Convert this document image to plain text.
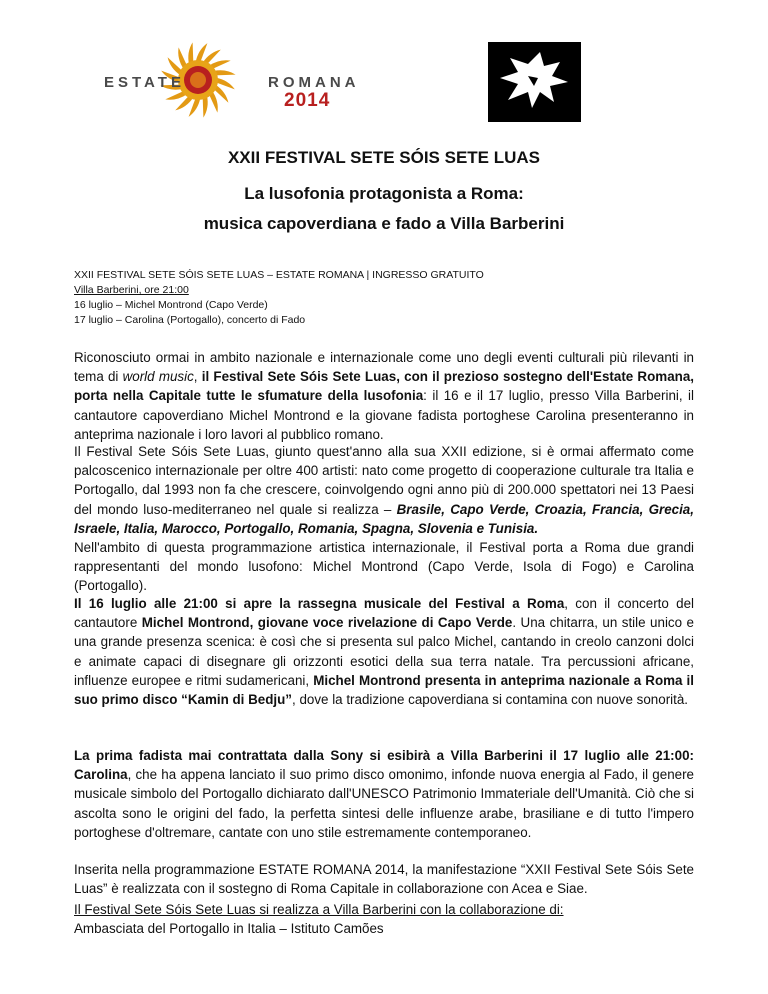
ESTATE	ROMANA
2014
XXII FESTIVAL SETE SÓIS SETE LUAS
La lusofonia protagonista a Roma:
musica capoverdiana e fado a Villa Barberini
XXII FESTIVAL SETE SÓIS SETE LUAS – ESTATE ROMANA | INGRESSO GRATUITO
Villa Barberini, ore 21:00
16 luglio – Michel Montrond (Capo Verde)
17 luglio – Carolina (Portogallo), concerto di Fado

Riconosciuto ormai in ambito nazionale e internazionale come uno degli eventi culturali più rilevanti in tema di world music, il Festival Sete Sóis Sete Luas, con il prezioso sostegno dell'Estate Romana, porta nella Capitale tutte le sfumature della lusofonia: il 16 e il 17 luglio, presso Villa Barberini, il cantautore capoverdiano Michel Montrond e la giovane fadista portoghese Carolina presenteranno in anteprima nazionale i loro lavori al pubblico romano.

Il Festival Sete Sóis Sete Luas, giunto quest'anno alla sua XXII edizione, si è ormai affermato come palcoscenico internazionale per oltre 400 artisti: nato come progetto di cooperazione culturale tra Italia e Portogallo, dal 1993 non fa che crescere, coinvolgendo ogni anno più di 200.000 spettatori nei 13 Paesi del mondo luso-mediterraneo nel quale si realizza – Brasile, Capo Verde, Croazia, Francia, Grecia, Israele, Italia, Marocco, Portogallo, Romania, Spagna, Slovenia e Tunisia.

Nell'ambito di questa programmazione artistica internazionale, il Festival porta a Roma due grandi rappresentanti del mondo lusofono: Michel Montrond (Capo Verde, Isola di Fogo) e Carolina (Portogallo).

Il 16 luglio alle 21:00 si apre la rassegna musicale del Festival a Roma, con il concerto del cantautore Michel Montrond, giovane voce rivelazione di Capo Verde. Una chitarra, un stile unico e una grande presenza scenica: è così che si presenta sul palco Michel, cantando in creolo canzoni dolci e animate capaci di disegnare gli orizzonti esotici della sua terra natale. Tra percussioni africane, influenze europee e ritmi sudamericani, Michel Montrond presenta in anteprima nazionale a Roma il suo primo disco “Kamin di Bedju”, dove la tradizione capoverdiana si contamina con nuove sonorità.

La prima fadista mai contrattata dalla Sony si esibirà a Villa Barberini il 17 luglio alle 21:00: Carolina, che ha appena lanciato il suo primo disco omonimo, infonde nuova energia al Fado, il genere musicale simbolo del Portogallo dichiarato dall'UNESCO Patrimonio Immateriale dell'Umanità. Ciò che si ascolta sono le origini del fado, la perfetta sintesi delle influenze arabe, brasiliane e di tutto l'impero portoghese d'oltremare, cantate con uno stile estremamente contemporaneo.

Inserita nella programmazione ESTATE ROMANA 2014, la manifestazione “XXII Festival Sete Sóis Sete Luas” è realizzata con il sostegno di Roma Capitale in collaborazione con Acea e Siae.

Il Festival Sete Sóis Sete Luas si realizza a Villa Barberini con la collaborazione di:

Ambasciata del Portogallo in Italia – Istituto Camões
